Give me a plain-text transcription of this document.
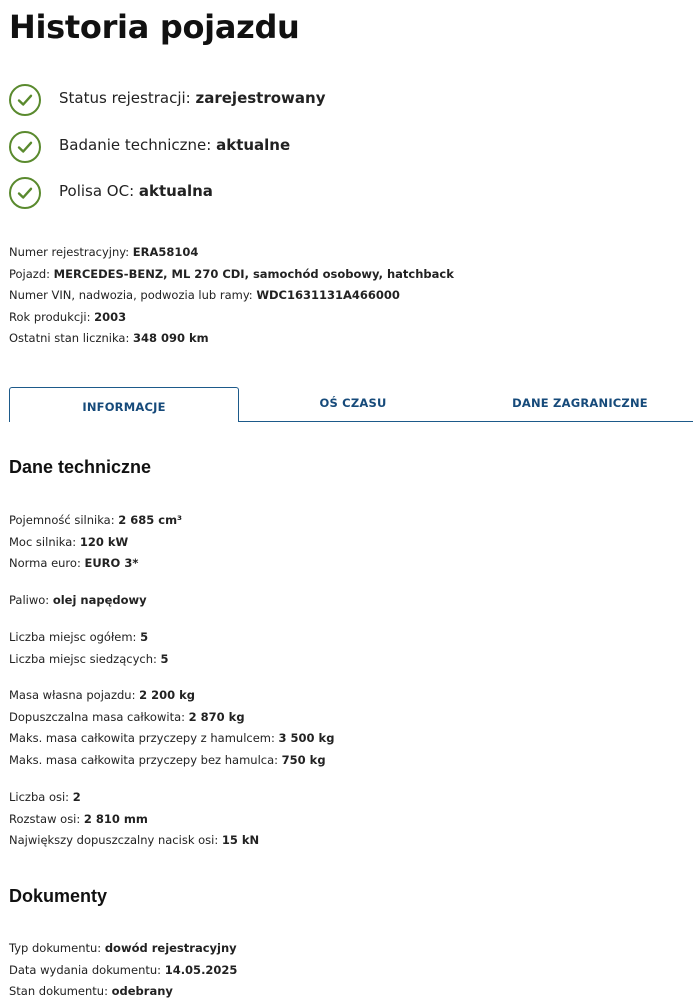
Historia pojazdu
Status rejestracji: zarejestrowany
Badanie techniczne: aktualne
Polisa OC: aktualna
Numer rejestracyjny: ERA58104
Pojazd: MERCEDES-BENZ, ML 270 CDI, samochód osobowy, hatchback
Numer VIN, nadwozia, podwozia lub ramy: WDC1631131A466000
Rok produkcji: 2003
Ostatni stan licznika: 348 090 km
INFORMACJE	OŚ CZASU	DANE ZAGRANICZNE
Dane techniczne
Pojemność silnika: 2 685 cm³
Moc silnika: 120 kW
Norma euro: EURO 3*
Paliwo: olej napędowy
Liczba miejsc ogółem: 5
Liczba miejsc siedzących: 5
Masa własna pojazdu: 2 200 kg
Dopuszczalna masa całkowita: 2 870 kg
Maks. masa całkowita przyczepy z hamulcem: 3 500 kg
Maks. masa całkowita przyczepy bez hamulca: 750 kg
Liczba osi: 2
Rozstaw osi: 2 810 mm
Największy dopuszczalny nacisk osi: 15 kN
Dokumenty
Typ dokumentu: dowód rejestracyjny
Data wydania dokumentu: 14.05.2025
Stan dokumentu: odebrany
